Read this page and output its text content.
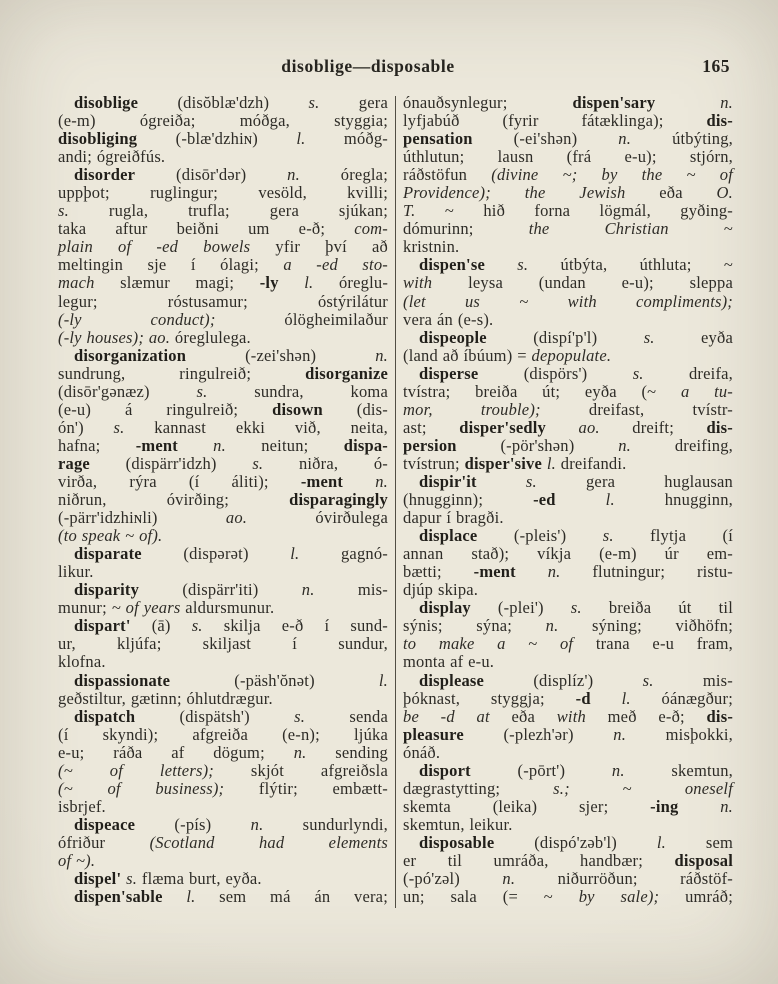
disoblige—disposable	165
disoblige (disŏblæ'dzh) s. gera
(e-m) ógreiða; móðga, styggia;
disobliging (-blæ'dzhiɴ) l. móðg-
andi; ógreiðfús.
disorder (disōr'dər) n. óregla;
uppþot; ruglingur; vesöld, kvilli;
s. rugla, trufla; gera sjúkan;
taka aftur beiðni um e-ð; com-
plain of -ed bowels yfir því að
meltingin sje í ólagi; a -ed sto-
mach slæmur magi; -ly l. óreglu-
legur; róstusamur; óstýrilátur
(-ly conduct); ólögheimilaður
(-ly houses); ao. óreglulega.
disorganization (-zei'shən) n.
sundrung, ringulreið; disorganize
(disōr'gənæz) s. sundra, koma
(e-u) á ringulreið; disown (dis-
ón') s. kannast ekki við, neita,
hafna; -ment n. neitun; dispa-
rage (dispärr'idzh) s. niðra, ó-
virða, rýra (í áliti); -ment n.
niðrun, óvirðing; disparagingly
(-pärr'idzhiɴli) ao. óvirðulega
(to speak ~ of).
disparate (dispərət) l. gagnó-
likur.
disparity (dispärr'iti) n. mis-
munur; ~ of years aldursmunur.
dispart' (ā) s. skilja e-ð í sund-
ur, kljúfa; skiljast í sundur,
klofna.
dispassionate (-päsh'ŏnət) l.
geðstiltur, gætinn; óhlutdrægur.
dispatch (dispätsh') s. senda
(í skyndi); afgreiða (e-n); ljúka
e-u; ráða af dögum; n. sending
(~ of letters); skjót afgreiðsla
(~ of business); flýtir; embætt-
isbrjef.
dispeace (-pís) n. sundurlyndi,
ófriður (Scotland had elements
of ~).
dispel' s. flæma burt, eyða.
dispen'sable l. sem má án vera;
ónauðsynlegur; dispen'sary	n.
lyfjabúð (fyrir fátæklinga); dis-
pensation (-ei'shən) n. útbýting,
úthlutun; lausn (frá e-u); stjórn,
ráðstöfun (divine ~; by the ~ of
Providence); the Jewish eða O.
T. ~ hið forna lögmál, gyðing-
dómurinn; the Christian ~
kristnin.
dispen'se s. útbýta, úthluta; ~
with leysa (undan e-u); sleppa
(let us ~ with compliments);
vera án (e-s).
dispeople (dispí'p'l) s. eyða
(land að íbúum) = depopulate.
disperse (dispörs') s. dreifa,
tvístra; breiða út; eyða (~ a tu-
mor, trouble); dreifast, tvístr-
ast; disper'sedly ao. dreift; dis-
persion (-pör'shən) n. dreifing,
tvístrun; disper'sive l. dreifandi.
dispir'it	s. gera huglausan
(hnugginn); -ed	l. hnugginn,
dapur í bragði.
displace (-pleis') s. flytja (í
annan stað); víkja (e-m) úr em-
bætti; -ment n. flutningur; ristu-
djúp skipa.
display (-plei') s. breiða út til
sýnis; sýna; n. sýning; viðhöfn;
to make a ~ of trana e-u fram,
monta af e-u.
displease (displíz') s. mis-
þóknast, styggja; -d l. óánægður;
be -d at eða with með e-ð; dis-
pleasure (-plezh'ər) n. misþokki,
ónáð.
disport (-pōrt') n. skemtun,
dægrastytting; s.; ~ oneself
skemta (leika) sjer; -ing	n.
skemtun, leikur.
disposable (dispó'zəb'l) l. sem
er til umráða, handbær; disposal
(-pó'zəl) n. niðurröðun; ráðstöf-
un; sala (= ~ by sale); umráð;
